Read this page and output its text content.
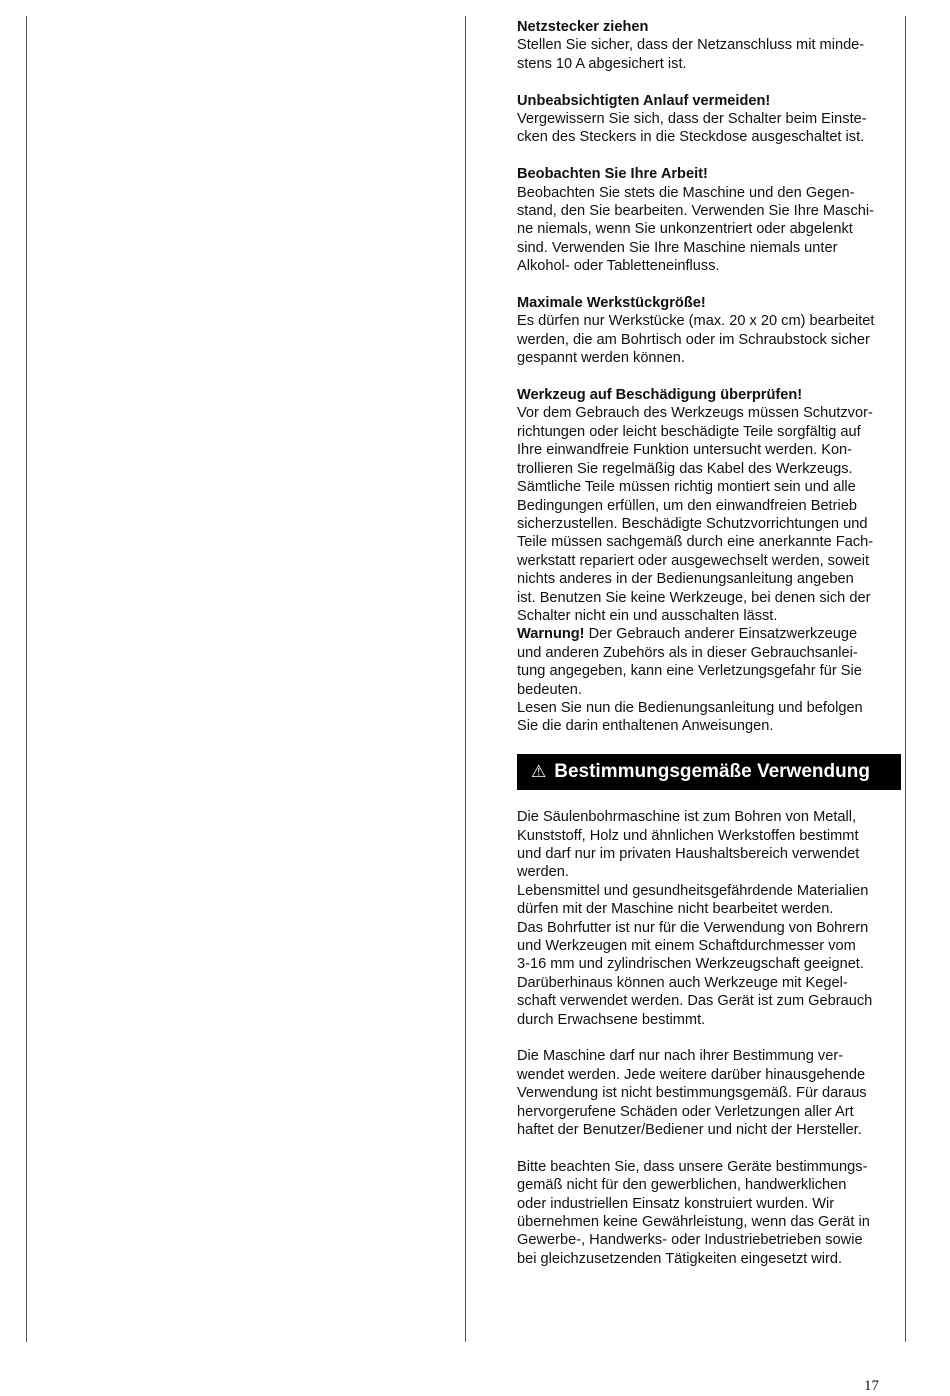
Netzstecker ziehen

Stellen Sie sicher, dass der Netzanschluss mit minde-
stens 10 A abgesichert ist.

Unbeabsichtigten Anlauf vermeiden!

Vergewissern Sie sich, dass der Schalter beim Einste-
cken des Steckers in die Steckdose ausgeschaltet ist.

Beobachten Sie Ihre Arbeit!

Beobachten Sie stets die Maschine und den Gegen-
stand, den Sie bearbeiten. Verwenden Sie Ihre Maschi-
ne niemals, wenn Sie unkonzentriert oder abgelenkt
sind. Verwenden Sie Ihre Maschine niemals unter
Alkohol- oder Tabletteneinfluss.

Maximale Werkstückgröße!

Es dürfen nur Werkstücke (max. 20 x 20 cm) bearbeitet
werden, die am Bohrtisch oder im Schraubstock sicher
gespannt werden können.

Werkzeug auf Beschädigung überprüfen!

Vor dem Gebrauch des Werkzeugs müssen Schutzvor-
richtungen oder leicht beschädigte Teile sorgfältig auf
Ihre einwandfreie Funktion untersucht werden. Kon-
trollieren Sie regelmäßig das Kabel des Werkzeugs.
Sämtliche Teile müssen richtig montiert sein und alle
Bedingungen erfüllen, um den einwandfreien Betrieb
sicherzustellen. Beschädigte Schutzvorrichtungen und
Teile müssen sachgemäß durch eine anerkannte Fach-
werkstatt repariert oder ausgewechselt werden, soweit
nichts anderes in der Bedienungsanleitung angeben
ist. Benutzen Sie keine Werkzeuge, bei denen sich der
Schalter nicht ein und ausschalten lässt.
Warnung! Der Gebrauch anderer Einsatzwerkzeuge
und anderen Zubehörs als in dieser Gebrauchsanlei-
tung angegeben, kann eine Verletzungsgefahr für Sie
bedeuten.
Lesen Sie nun die Bedienungsanleitung und befolgen
Sie die darin enthaltenen Anweisungen.

⚠ Bestimmungsgemäße Verwendung

Die Säulenbohrmaschine ist zum Bohren von Metall,
Kunststoff, Holz und ähnlichen Werkstoffen bestimmt
und darf nur im privaten Haushaltsbereich verwendet
werden.
Lebensmittel und gesundheitsgefährdende Materialien
dürfen mit der Maschine nicht bearbeitet werden.
Das Bohrfutter ist nur für die Verwendung von Bohrern
und Werkzeugen mit einem Schaftdurchmesser vom
3-16 mm und zylindrischen Werkzeugschaft geeignet.
Darüberhinaus können auch Werkzeuge mit Kegel-
schaft verwendet werden. Das Gerät ist zum Gebrauch
durch Erwachsene bestimmt.

Die Maschine darf nur nach ihrer Bestimmung ver-
wendet werden. Jede weitere darüber hinausgehende
Verwendung ist nicht bestimmungsgemäß. Für daraus
hervorgerufene Schäden oder Verletzungen aller Art
haftet der Benutzer/Bediener und nicht der Hersteller.

Bitte beachten Sie, dass unsere Geräte bestimmungs-
gemäß nicht für den gewerblichen, handwerklichen
oder industriellen Einsatz konstruiert wurden. Wir
übernehmen keine Gewährleistung, wenn das Gerät in
Gewerbe-, Handwerks- oder Industriebetrieben sowie
bei gleichzusetzenden Tätigkeiten eingesetzt wird.

17
